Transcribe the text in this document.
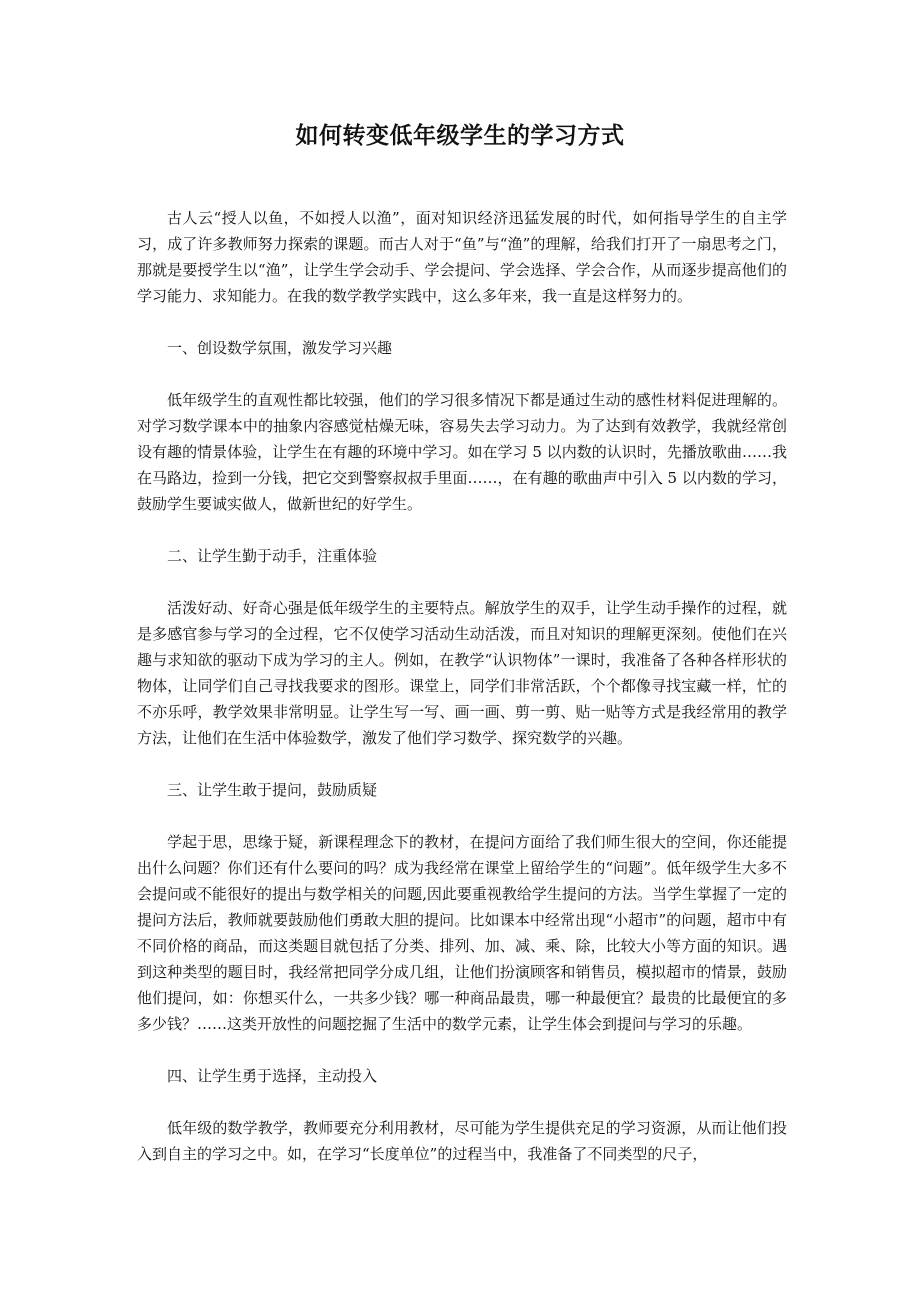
如何转变低年级学生的学习方式

古人云“授人以鱼，不如授人以渔”，面对知识经济迅猛发展的时代，如何指导学生的自主学习，成了许多教师努力探索的课题。而古人对于“鱼”与“渔”的理解，给我们打开了一扇思考之门，那就是要授学生以“渔”，让学生学会动手、学会提问、学会选择、学会合作，从而逐步提高他们的学习能力、求知能力。在我的数学教学实践中，这么多年来，我一直是这样努力的。

一、创设数学氛围，激发学习兴趣

低年级学生的直观性都比较强，他们的学习很多情况下都是通过生动的感性材料促进理解的。对学习数学课本中的抽象内容感觉枯燥无味，容易失去学习动力。为了达到有效教学，我就经常创设有趣的情景体验，让学生在有趣的环境中学习。如在学习 5 以内数的认识时，先播放歌曲……我在马路边，捡到一分钱，把它交到警察叔叔手里面……，在有趣的歌曲声中引入 5 以内数的学习，鼓励学生要诚实做人，做新世纪的好学生。

二、让学生勤于动手，注重体验

活泼好动、好奇心强是低年级学生的主要特点。解放学生的双手，让学生动手操作的过程，就是多感官参与学习的全过程，它不仅使学习活动生动活泼，而且对知识的理解更深刻。使他们在兴趣与求知欲的驱动下成为学习的主人。例如，在教学“认识物体”一课时，我准备了各种各样形状的物体，让同学们自己寻找我要求的图形。课堂上，同学们非常活跃，个个都像寻找宝藏一样，忙的不亦乐呼，教学效果非常明显。让学生写一写、画一画、剪一剪、贴一贴等方式是我经常用的教学方法，让他们在生活中体验数学，激发了他们学习数学、探究数学的兴趣。

三、让学生敢于提问，鼓励质疑

学起于思，思缘于疑，新课程理念下的教材，在提问方面给了我们师生很大的空间，你还能提出什么问题？你们还有什么要问的吗？成为我经常在课堂上留给学生的“问题”。低年级学生大多不会提问或不能很好的提出与数学相关的问题,因此要重视教给学生提问的方法。当学生掌握了一定的提问方法后，教师就要鼓励他们勇敢大胆的提问。比如课本中经常出现“小超市”的问题，超市中有不同价格的商品，而这类题目就包括了分类、排列、加、减、乘、除，比较大小等方面的知识。遇到这种类型的题目时，我经常把同学分成几组，让他们扮演顾客和销售员，模拟超市的情景，鼓励他们提问，如：你想买什么，一共多少钱？哪一种商品最贵，哪一种最便宜？最贵的比最便宜的多多少钱？……这类开放性的问题挖掘了生活中的数学元素，让学生体会到提问与学习的乐趣。

四、让学生勇于选择，主动投入

低年级的数学教学，教师要充分利用教材，尽可能为学生提供充足的学习资源，从而让他们投入到自主的学习之中。如，在学习“长度单位”的过程当中，我准备了不同类型的尺子，
